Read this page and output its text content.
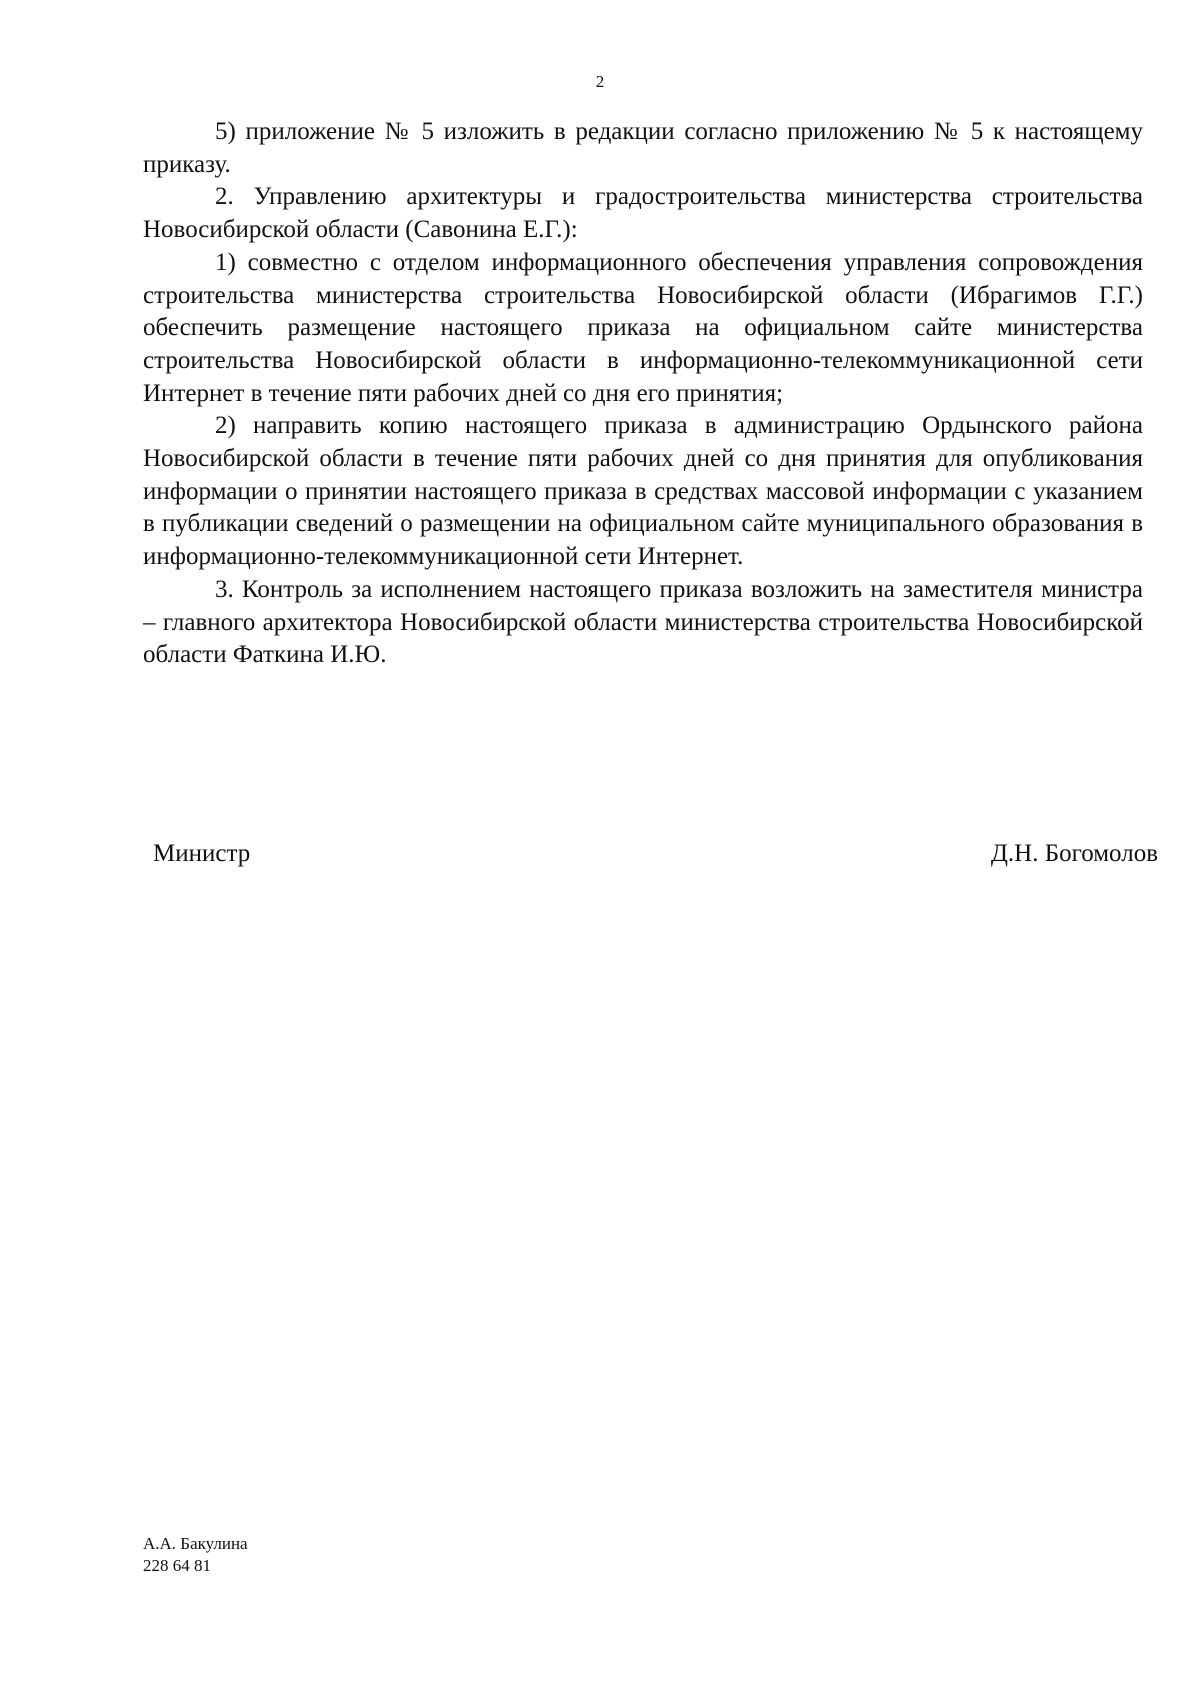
2

5) приложение № 5 изложить в редакции согласно приложению № 5 к настоящему приказу.

2. Управлению архитектуры и градостроительства министерства строительства Новосибирской области (Савонина Е.Г.):

1) совместно с отделом информационного обеспечения управления сопровождения строительства министерства строительства Новосибирской области (Ибрагимов Г.Г.) обеспечить размещение настоящего приказа на официальном сайте министерства строительства Новосибирской области в информационно-телекоммуникационной сети Интернет в течение пяти рабочих дней со дня его принятия;

2) направить копию настоящего приказа в администрацию Ордынского района Новосибирской области в течение пяти рабочих дней со дня принятия для опубликования информации о принятии настоящего приказа в средствах массовой информации с указанием в публикации сведений о размещении на официальном сайте муниципального образования в информационно-телекоммуникационной сети Интернет.

3. Контроль за исполнением настоящего приказа возложить на заместителя министра – главного архитектора Новосибирской области министерства строительства Новосибирской области Фаткина И.Ю.

Министр	Д.Н. Богомолов
А.А. Бакулина
228 64 81
